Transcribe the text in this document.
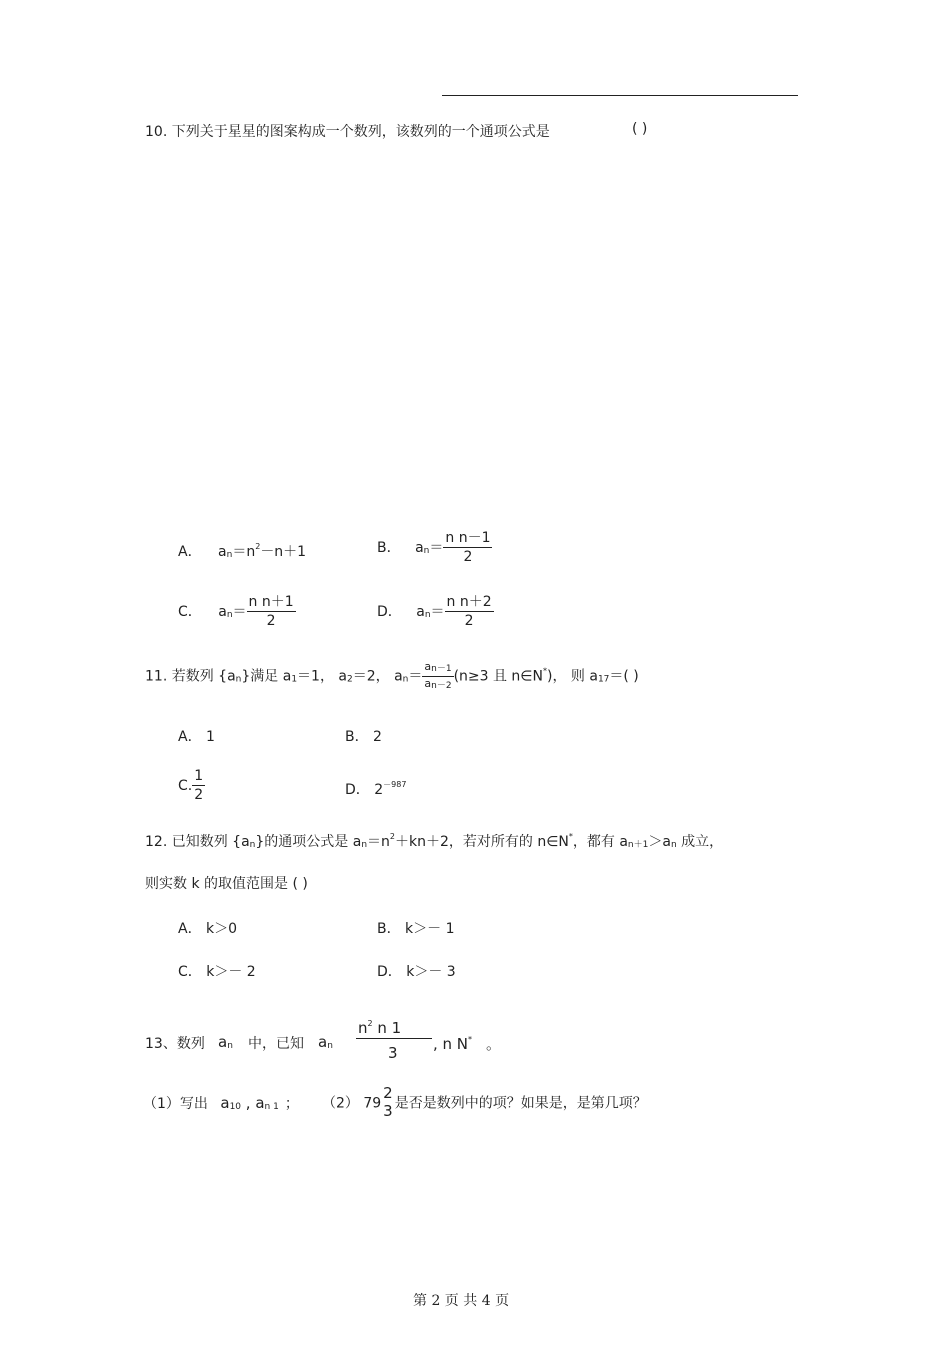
10. 下列关于星星的图案构成一个数列，该数列的一个通项公式是	( )
A． $a_n=n^2-n+1$	B． $a_n= \frac{\text{n n－1}}{2}$
C． $a_n= \frac{\text{n n＋1}}{2}$	D． $a_n= \frac{\text{n n＋2}}{2}$
11. 若数列 $\{a_n\}$满足 $a_1=1$， $a_2=2$， $a_n= \frac{a_{n-1}}{a_{n-2}} (n\ge 3$ 且 n∈N*)， 则 $a_{17}=$( )
A． 1	B． 2
C. $\frac{1}{2}$	D． $2^{-987}$
12. 已知数列 $\{a_n\}$的通项公式是 $a_n=n^2+kn+2$，若对所有的 n∈N*，都有 $a_{n+1}>a_n$ 成立，
则实数 k 的取值范围是 ( )
A． k＞0	B． k＞－ 1
C． k＞－ 2	D． k＞－ 3
13、数列 $a_n$ 中，已知 $a_n$
$n^2$ n 1
3 , n N* 。
（1）写出 $a_{10}$ , $a_{n 1}$ ； （2） 79
2
3 是否是数列中的项？如果是，是第几项？
第 2 页 共 4 页
